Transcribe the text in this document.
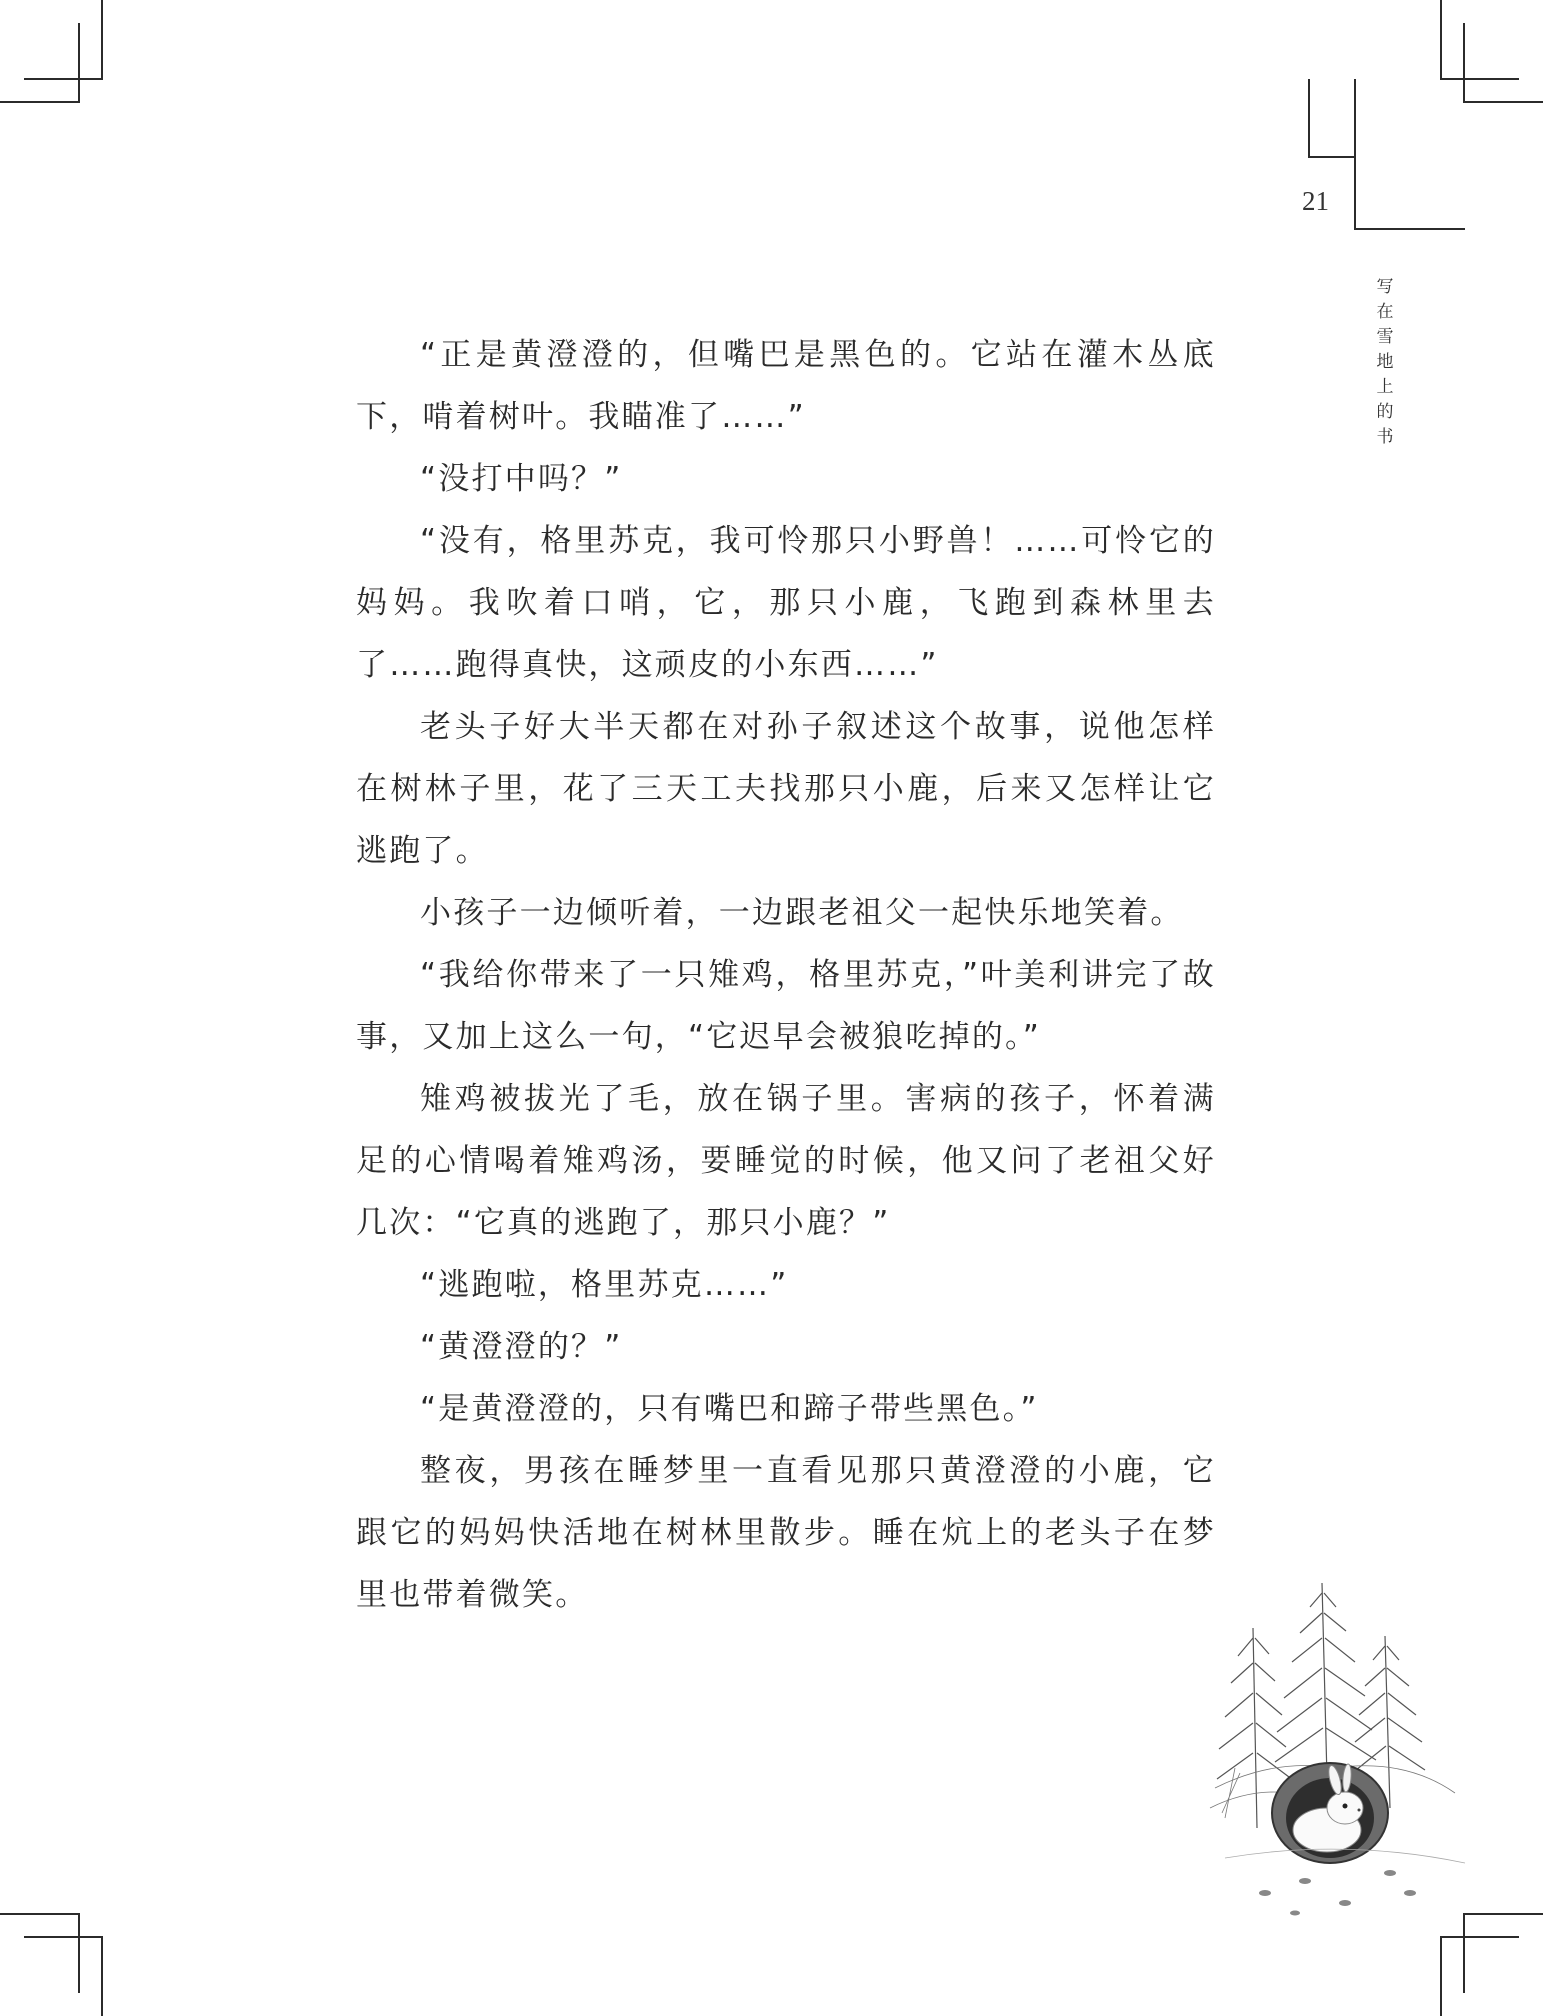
21
写在雪地上的书

“正是黄澄澄的，但嘴巴是黑色的。它站在灌木丛底下，啃着树叶。我瞄准了……”

“没打中吗？”

“没有，格里苏克，我可怜那只小野兽！……可怜它的妈妈。我吹着口哨，它，那只小鹿，飞跑到森林里去了……跑得真快，这顽皮的小东西……”

老头子好大半天都在对孙子叙述这个故事，说他怎样在树林子里，花了三天工夫找那只小鹿，后来又怎样让它逃跑了。

小孩子一边倾听着，一边跟老祖父一起快乐地笑着。

“我给你带来了一只雉鸡，格里苏克，”叶美利讲完了故事，又加上这么一句，“它迟早会被狼吃掉的。”

雉鸡被拔光了毛，放在锅子里。害病的孩子，怀着满足的心情喝着雉鸡汤，要睡觉的时候，他又问了老祖父好几次：“它真的逃跑了，那只小鹿？”

“逃跑啦，格里苏克……”

“黄澄澄的？”

“是黄澄澄的，只有嘴巴和蹄子带些黑色。”

整夜，男孩在睡梦里一直看见那只黄澄澄的小鹿，它跟它的妈妈快活地在树林里散步。睡在炕上的老头子在梦里也带着微笑。
